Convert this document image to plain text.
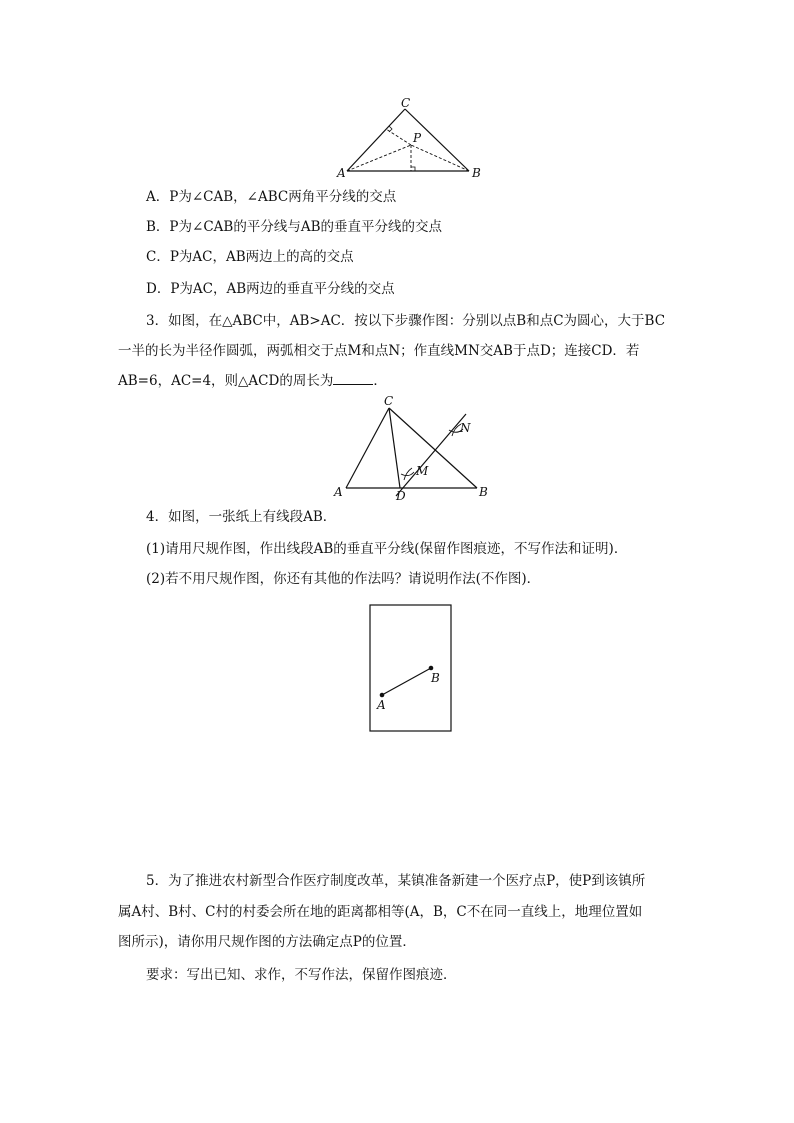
C
P
A	B
A．P为∠CAB，∠ABC两角平分线的交点
B．P为∠CAB的平分线与AB的垂直平分线的交点
C．P为AC，AB两边上的高的交点
D．P为AC，AB两边的垂直平分线的交点
3．如图，在△ABC中，AB>AC．按以下步骤作图：分别以点B和点C为圆心，大于BC
一半的长为半径作圆弧，两弧相交于点M和点N；作直线MN交AB于点D；连接CD．若
AB=6，AC=4，则△ACD的周长为	．
C
N
M
A	D	B
4．如图，一张纸上有线段AB．
(1)请用尺规作图，作出线段AB的垂直平分线(保留作图痕迹，不写作法和证明)．
(2)若不用尺规作图，你还有其他的作法吗？请说明作法(不作图)．
A
B
5．为了推进农村新型合作医疗制度改革，某镇准备新建一个医疗点P，使P到该镇所
属A村、B村、C村的村委会所在地的距离都相等(A，B，C不在同一直线上，地理位置如
图所示)，请你用尺规作图的方法确定点P的位置．
要求：写出已知、求作，不写作法，保留作图痕迹．
